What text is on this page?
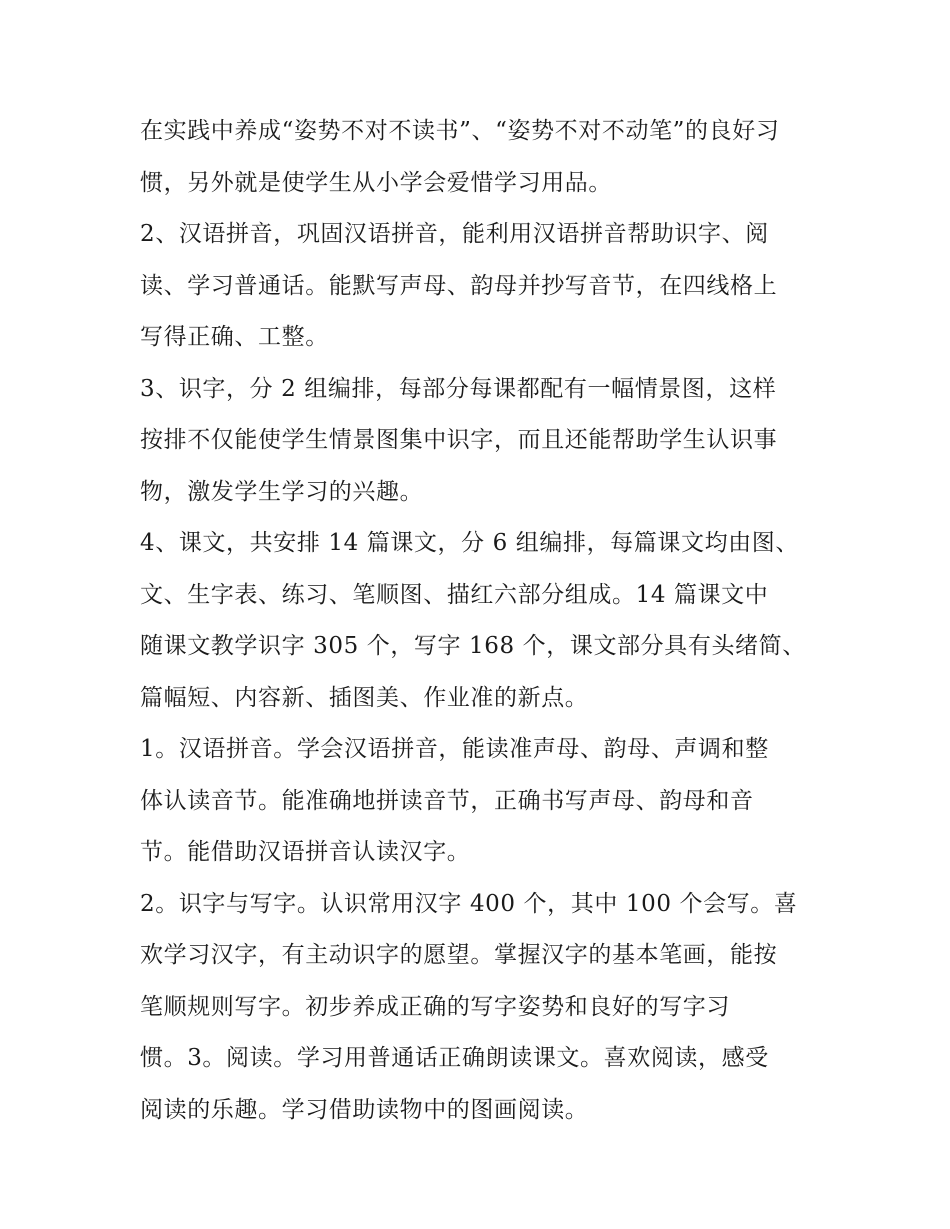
在实践中养成“姿势不对不读书”、“姿势不对不动笔”的良好习
惯，另外就是使学生从小学会爱惜学习用品。
2、汉语拼音，巩固汉语拼音，能利用汉语拼音帮助识字、阅
读、学习普通话。能默写声母、韵母并抄写音节，在四线格上
写得正确、工整。
3、识字，分 2 组编排，每部分每课都配有一幅情景图，这样
按排不仅能使学生情景图集中识字，而且还能帮助学生认识事
物，激发学生学习的兴趣。
4、课文，共安排 14 篇课文，分 6 组编排，每篇课文均由图、
文、生字表、练习、笔顺图、描红六部分组成。14 篇课文中
随课文教学识字 305 个，写字 168 个，课文部分具有头绪简、
篇幅短、内容新、插图美、作业准的新点。
1。汉语拼音。学会汉语拼音，能读准声母、韵母、声调和整
体认读音节。能准确地拼读音节，正确书写声母、韵母和音
节。能借助汉语拼音认读汉字。
2。识字与写字。认识常用汉字 400 个，其中 100 个会写。喜
欢学习汉字，有主动识字的愿望。掌握汉字的基本笔画，能按
笔顺规则写字。初步养成正确的写字姿势和良好的写字习
惯。3。阅读。学习用普通话正确朗读课文。喜欢阅读，感受
阅读的乐趣。学习借助读物中的图画阅读。
